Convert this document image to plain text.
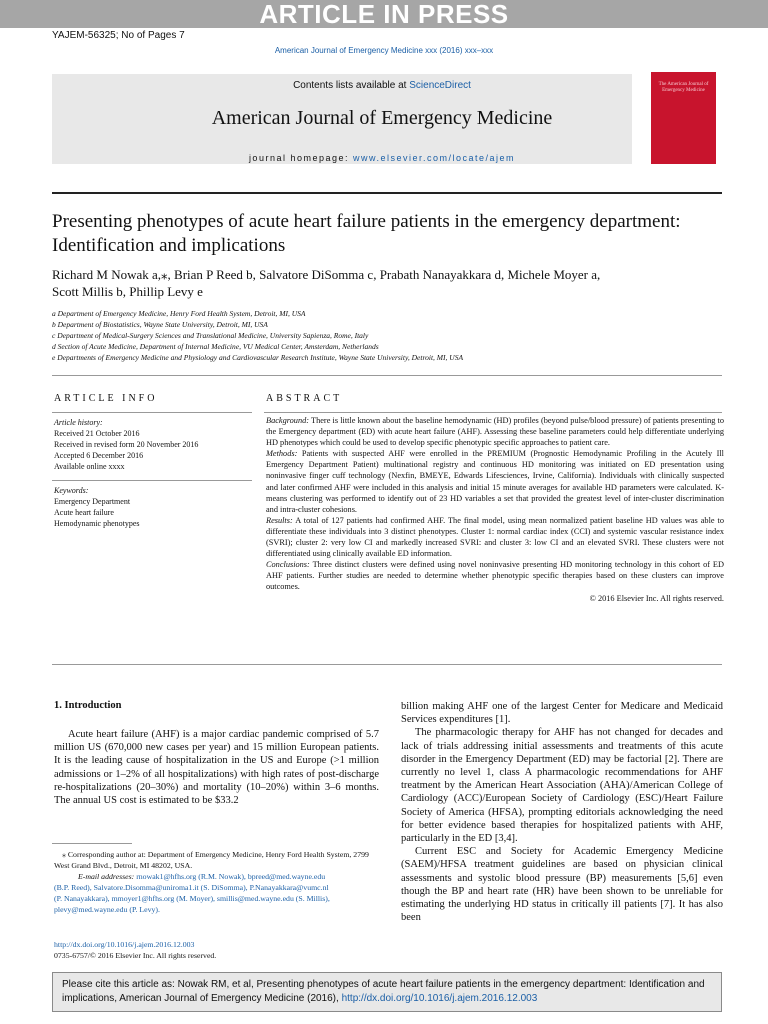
ARTICLE IN PRESS
YAJEM-56325; No of Pages 7
American Journal of Emergency Medicine xxx (2016) xxx–xxx
Contents lists available at ScienceDirect
American Journal of Emergency Medicine
journal homepage: www.elsevier.com/locate/ajem
The American Journal of Emergency Medicine
Presenting phenotypes of acute heart failure patients in the emergency department:
Identification and implications
Richard M Nowak a,⁎, Brian P Reed b, Salvatore DiSomma c, Prabath Nanayakkara d, Michele Moyer a,
Scott Millis b, Phillip Levy e
a Department of Emergency Medicine, Henry Ford Health System, Detroit, MI, USA
b Department of Biostatistics, Wayne State University, Detroit, MI, USA
c Department of Medical-Surgery Sciences and Translational Medicine, University Sapienza, Rome, Italy
d Section of Acute Medicine, Department of Internal Medicine, VU Medical Center, Amsterdam, Netherlands
e Departments of Emergency Medicine and Physiology and Cardiovascular Research Institute, Wayne State University, Detroit, MI, USA
ARTICLE INFO
Article history:
Received 21 October 2016
Received in revised form 20 November 2016
Accepted 6 December 2016
Available online xxxx
Keywords:
Emergency Department
Acute heart failure
Hemodynamic phenotypes
ABSTRACT
Background: There is little known about the baseline hemodynamic (HD) profiles (beyond pulse/blood pressure) of patients presenting to the Emergency department (ED) with acute heart failure (AHF). Assessing these baseline parameters could help differentiate underlying HD phenotypes which could be used to develop specific phenotypic specific approaches to patient care.
Methods: Patients with suspected AHF were enrolled in the PREMIUM (Prognostic Hemodynamic Profiling in the Acutely Ill Emergency Department Patient) multinational registry and continuous HD monitoring was initiated on ED presentation using noninvasive finger cuff technology (Nexfin, BMEYE, Edwards Lifesciences, Irvine, California). Individuals with clinically suspected and later confirmed AHF were included in this analysis and initial 15 minute averages for available HD parameters were calculated. K-means clustering was performed to identify out of 23 HD variables a set that provided the greatest level of inter-cluster discrimination and intra-cluster cohesions.
Results: A total of 127 patients had confirmed AHF. The final model, using mean normalized patient baseline HD values was able to differentiate these individuals into 3 distinct phenotypes. Cluster 1: normal cardiac index (CCI) and systemic vascular resistance index (SVRI); cluster 2: very low CI and markedly increased SVRI: and cluster 3: low CI and an elevated SVRI. These clusters were not differentiated using clinically available ED information.
Conclusions: Three distinct clusters were defined using novel noninvasive presenting HD monitoring technology in this cohort of ED AHF patients. Further studies are needed to determine whether phenotypic specific therapies based on these clusters can improve outcomes.
© 2016 Elsevier Inc. All rights reserved.
1. Introduction
Acute heart failure (AHF) is a major cardiac pandemic comprised of 5.7 million US (670,000 new cases per year) and 15 million European patients. It is the leading cause of hospitalization in the US and Europe (>1 million admissions or 1–2% of all hospitalizations) with high rates of post-discharge re-hospitalizations (20–30%) and mortality (10–20%) within 3–6 months. The annual US cost is estimated to be $33.2
billion making AHF one of the largest Center for Medicare and Medicaid Services expenditures [1].
The pharmacologic therapy for AHF has not changed for decades and lack of trials addressing initial assessments and treatments of this acute disorder in the Emergency Department (ED) may be factorial [2]. There are currently no level 1, class A pharmacologic recommendations for AHF treatment by the American Heart Association (AHA)/American College of Cardiology (ACC)/European Society of Cardiology (ESC)/Heart Failure Society of America (HFSA), prompting editorials acknowledging the need for better evidence based therapies for hospitalized patients with AHF, particularly in the ED [3,4].
Current ESC and Society for Academic Emergency Medicine (SAEM)/HFSA treatment guidelines are based on physician clinical assessments and systolic blood pressure (BP) measurements [5,6] even though the BP and heart rate (HR) have been shown to be unreliable for estimating the underlying HD status in critically ill patients [7]. It has also been
⁎ Corresponding author at: Department of Emergency Medicine, Henry Ford Health System, 2799 West Grand Blvd., Detroit, MI 48202, USA.
E-mail addresses: rnowak1@hfhs.org (R.M. Nowak), bpreed@med.wayne.edu
(B.P. Reed), Salvatore.Disomma@uniroma1.it (S. DiSomma), P.Nanayakkara@vumc.nl
(P. Nanayakkara), mmoyer1@hfhs.org (M. Moyer), smillis@med.wayne.edu (S. Millis),
plevy@med.wayne.edu (P. Levy).
http://dx.doi.org/10.1016/j.ajem.2016.12.003
0735-6757/© 2016 Elsevier Inc. All rights reserved.
Please cite this article as: Nowak RM, et al, Presenting phenotypes of acute heart failure patients in the emergency department: Identification and implications, American Journal of Emergency Medicine (2016), http://dx.doi.org/10.1016/j.ajem.2016.12.003
